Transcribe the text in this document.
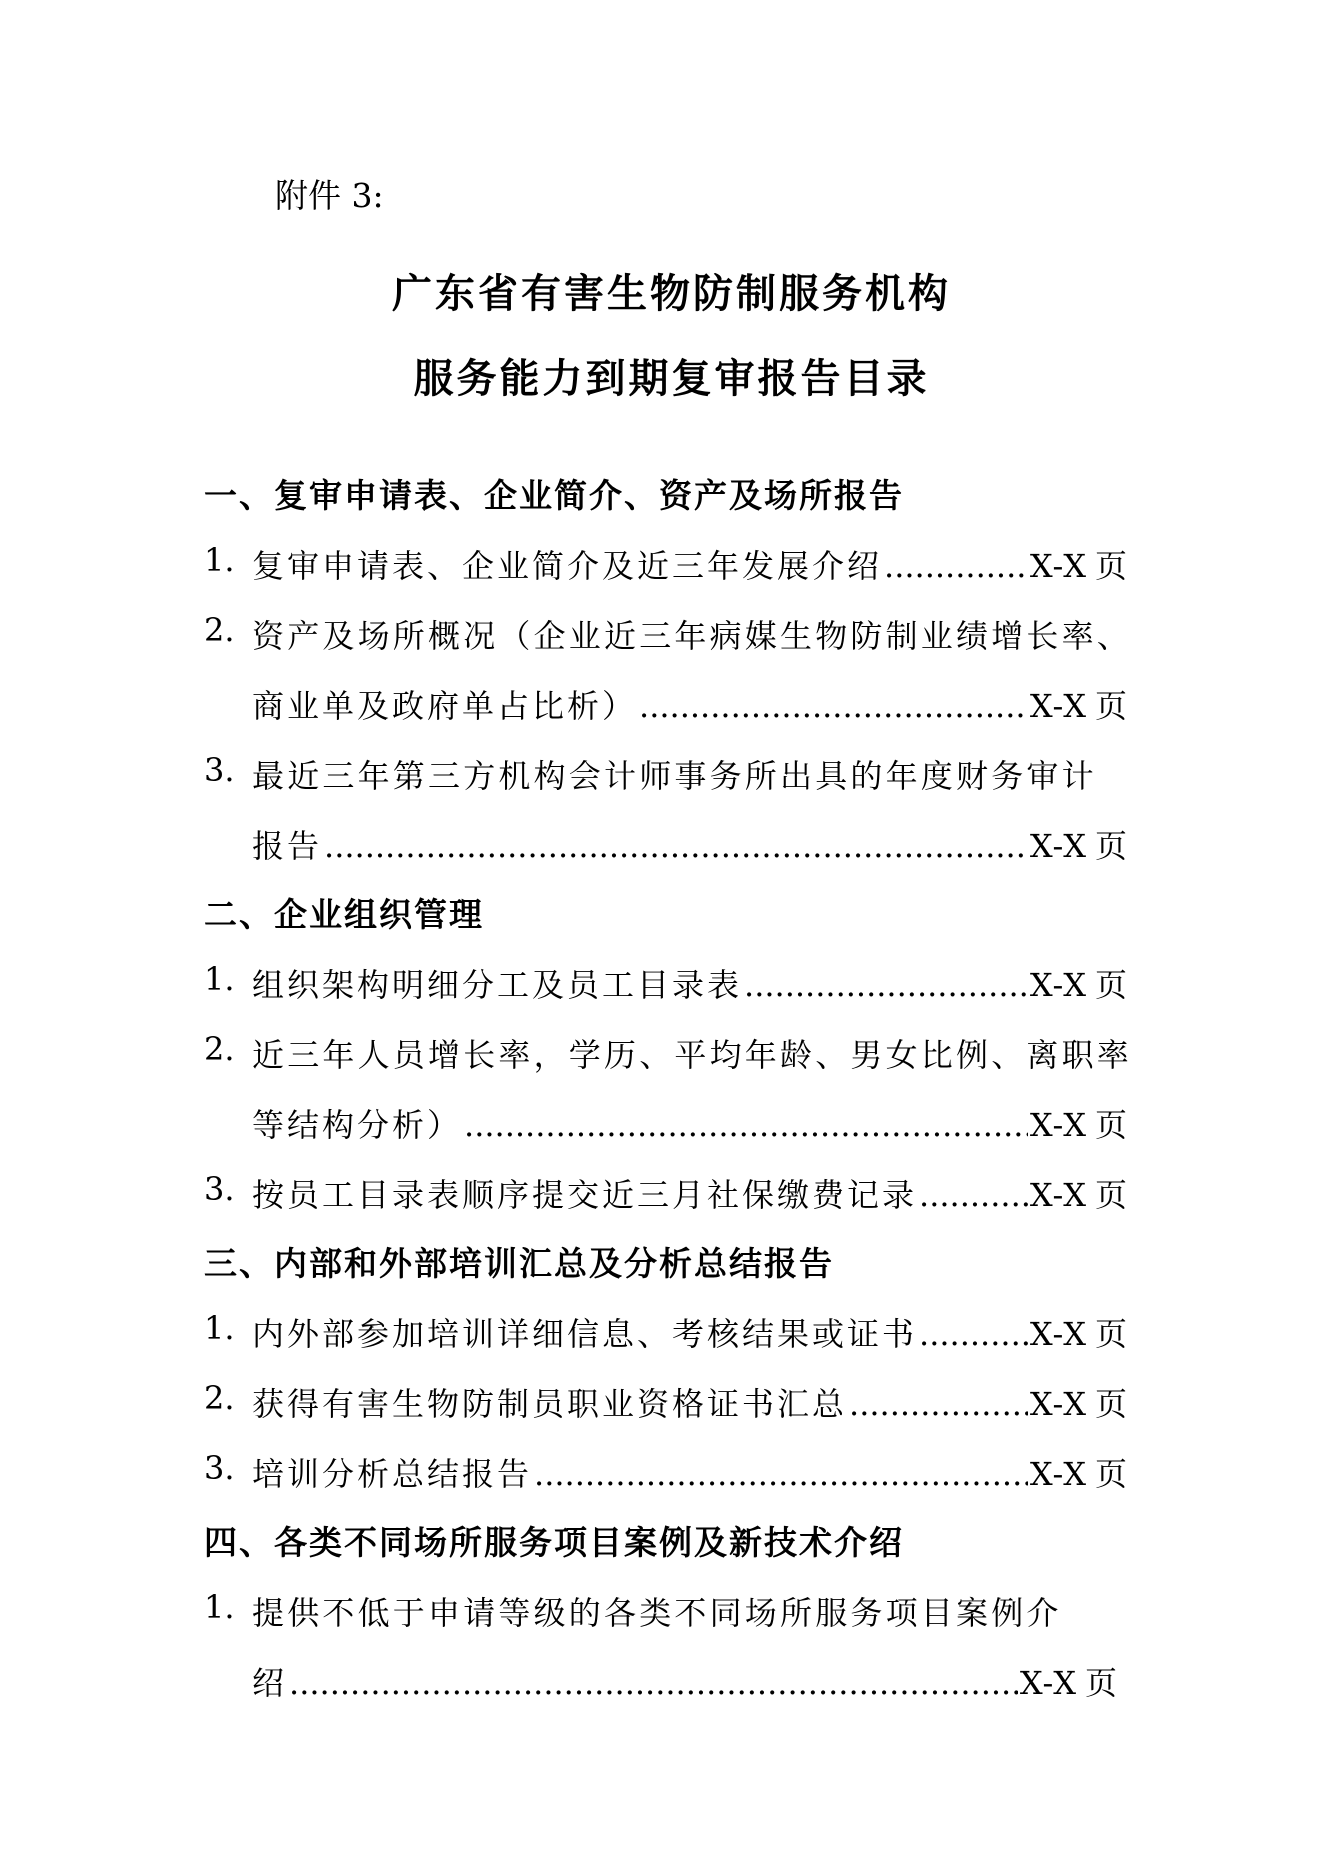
附件 3:
广东省有害生物防制服务机构
服务能力到期复审报告目录
一、复审申请表、企业简介、资产及场所报告
1. 复审申请表、企业简介及近三年发展介绍 .....	X-X 页
2. 资产及场所概况（企业近三年病媒生物防制业绩增长率、
商业单及政府单占比析） .....	X-X 页
3. 最近三年第三方机构会计师事务所出具的年度财务审计
报告 .....	X-X 页
二、企业组织管理
1. 组织架构明细分工及员工目录表 .....	X-X 页
2. 近三年人员增长率，学历、平均年龄、男女比例、离职率
等结构分析） .....	X-X 页
3. 按员工目录表顺序提交近三月社保缴费记录 .....	X-X 页
三、内部和外部培训汇总及分析总结报告
1. 内外部参加培训详细信息、考核结果或证书 .....	X-X 页
2. 获得有害生物防制员职业资格证书汇总 .....	X-X 页
3. 培训分析总结报告 .....	X-X 页
四、各类不同场所服务项目案例及新技术介绍
1. 提供不低于申请等级的各类不同场所服务项目案例介
绍 .....	X-X 页
